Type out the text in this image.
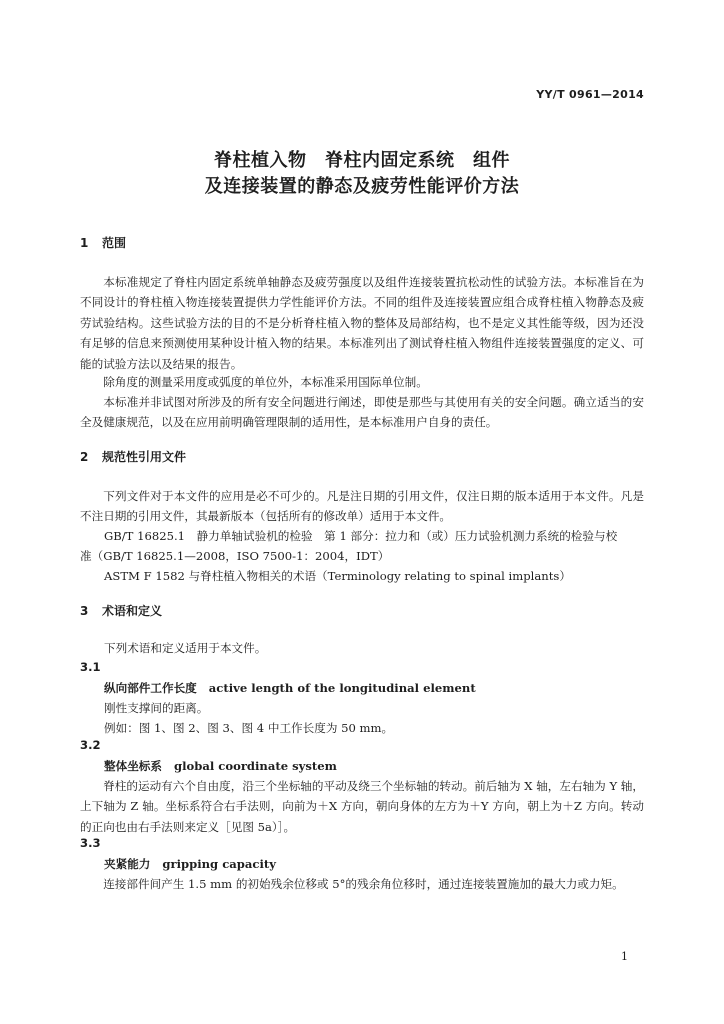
YY/T 0961—2014
脊柱植入物　脊柱内固定系统　组件
及连接装置的静态及疲劳性能评价方法
1 范围
本标准规定了脊柱内固定系统单轴静态及疲劳强度以及组件连接装置抗松动性的试验方法。本标准旨在为不同设计的脊柱植入物连接装置提供力学性能评价方法。不同的组件及连接装置应组合成脊柱植入物静态及疲劳试验结构。这些试验方法的目的不是分析脊柱植入物的整体及局部结构，也不是定义其性能等级，因为还没有足够的信息来预测使用某种设计植入物的结果。本标准列出了测试脊柱植入物组件连接装置强度的定义、可能的试验方法以及结果的报告。
除角度的测量采用度或弧度的单位外，本标准采用国际单位制。
本标准并非试图对所涉及的所有安全问题进行阐述，即使是那些与其使用有关的安全问题。确立适当的安全及健康规范，以及在应用前明确管理限制的适用性，是本标准用户自身的责任。
2 规范性引用文件
下列文件对于本文件的应用是必不可少的。凡是注日期的引用文件，仅注日期的版本适用于本文件。凡是不注日期的引用文件，其最新版本（包括所有的修改单）适用于本文件。
GB/T 16825.1　静力单轴试验机的检验　第 1 部分：拉力和（或）压力试验机测力系统的检验与校
准（GB/T 16825.1—2008，ISO 7500-1：2004，IDT）
ASTM F 1582 与脊柱植入物相关的术语（Terminology relating to spinal implants）
3 术语和定义
下列术语和定义适用于本文件。
3.1
纵向部件工作长度 active length of the longitudinal element
刚性支撑间的距离。
例如：图 1、图 2、图 3、图 4 中工作长度为 50 mm。
3.2
整体坐标系 global coordinate system
脊柱的运动有六个自由度，沿三个坐标轴的平动及绕三个坐标轴的转动。前后轴为 X 轴，左右轴为 Y 轴，上下轴为 Z 轴。坐标系符合右手法则，向前为＋X 方向，朝向身体的左方为＋Y 方向，朝上为＋Z 方向。转动的正向也由右手法则来定义［见图 5a）］。
3.3
夹紧能力 gripping capacity
连接部件间产生 1.5 mm 的初始残余位移或 5°的残余角位移时，通过连接装置施加的最大力或力矩。
1
